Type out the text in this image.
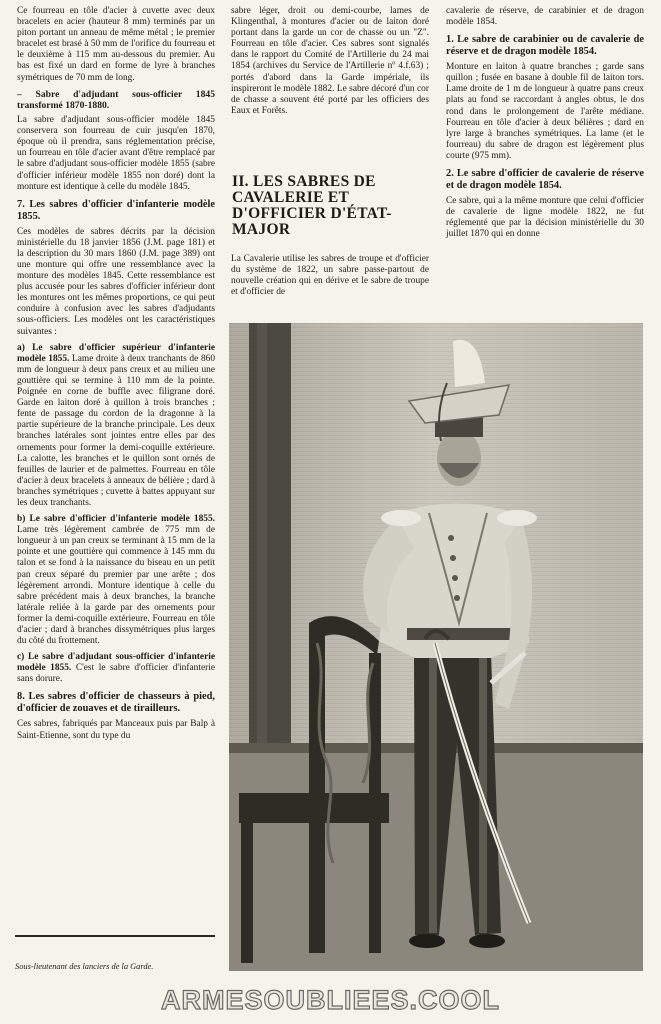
Ce fourreau en tôle d'acier à cuvette avec deux bracelets en acier (hauteur 8 mm) terminés par un piton portant un anneau de même métal ; le premier bracelet est brasé à 50 mm de l'orifice du fourreau et le deuxième à 115 mm au-dessous du premier. Au bas est fixé un dard en forme de lyre à branches symétriques de 70 mm de long.

– Sabre d'adjudant sous-officier 1845 transformé 1870-1880.

La sabre d'adjudant sous-officier modèle 1845 conservera son fourreau de cuir jusqu'en 1870, époque où il prendra, sans réglementation précise, un fourreau en tôle d'acier avant d'être remplacé par le sabre d'adjudant sous-officier modèle 1855 (sabre d'officier inférieur modèle 1855 non doré) dont la monture est identique à celle du modèle 1845.

7. Les sabres d'officier d'infanterie modèle 1855.

Ces modèles de sabres décrits par la décision ministérielle du 18 janvier 1856 (J.M. page 181) et la description du 30 mars 1860 (J.M. page 389) ont une monture qui offre une ressemblance avec la monture des modèles 1845. Cette ressemblance est plus accusée pour les sabres d'officier inférieur dont les montures ont les mêmes proportions, ce qui peut conduire à confusion avec les sabres d'adjudants sous-officiers. Les modèles ont les caractéristiques suivantes :

a) Le sabre d'officier supérieur d'infanterie modèle 1855. Lame droite à deux tranchants de 860 mm de longueur à deux pans creux et au milieu une gouttière qui se termine à 110 mm de la pointe. Poignée en corne de buffle avec filigrane doré. Garde en laiton doré à quillon à trois branches ; fente de passage du cordon de la dragonne à la partie supérieure de la branche principale. Les deux branches latérales sont jointes entre elles par des ornements pour former la demi-coquille extérieure. La calotte, les branches et le quillon sont ornés de feuilles de laurier et de palmettes. Fourreau en tôle d'acier à deux bracelets à anneaux de bélière ; dard à branches symétriques ; cuvette à battes appuyant sur les deux tranchants.

b) Le sabre d'officier d'infanterie modèle 1855. Lame très légèrement cambrée de 775 mm de longueur à un pan creux se terminant à 15 mm de la pointe et une gouttière qui commence à 145 mm du talon et se fond à la naissance du biseau en un petit pan creux séparé du premier par une arête ; dos légèrement arrondi. Monture identique à celle du sabre précédent mais à deux branches, la branche latérale reliée à la garde par des ornements pour former la demi-coquille extérieure. Fourreau en tôle d'acier ; dard à branches dissymétriques plus larges du côté du frottement.

c) Le sabre d'adjudant sous-officier d'infanterie modèle 1855. C'est le sabre d'officier d'infanterie sans dorure.

8. Les sabres d'officier de chasseurs à pied, d'officier de zouaves et de tirailleurs.

Ces sabres, fabriqués par Manceaux puis par Balp à Saint-Etienne, sont du type du

sabre léger, droit ou demi-courbe, lames de Klingenthal, à montures d'acier ou de laiton doré portant dans la garde un cor de chasse ou un "Z". Fourreau en tôle d'acier. Ces sabres sont signalés dans le rapport du Comité de l'Artillerie du 24 mai 1854 (archives du Service de l'Artillerie nº 4.f.63) ; portés d'abord dans la Garde impériale, ils inspireront le modèle 1882. Le sabre décoré d'un cor de chasse a souvent été porté par les officiers des Eaux et Forêts.

II. LES SABRES DE CAVALERIE ET D'OFFICIER D'ÉTAT-MAJOR

La Cavalerie utilise les sabres de troupe et d'officier du système de 1822, un sabre passe-partout de nouvelle création qui en dérive et le sabre de troupe et d'officier de

cavalerie de réserve, de carabinier et de dragon modèle 1854.

1. Le sabre de carabinier ou de cavalerie de réserve et de dragon modèle 1854.

Monture en laiton à quatre branches ; garde sans quillon ; fusée en basane à double fil de laiton tors. Lame droite de 1 m de longueur à quatre pans creux plats au fond se raccordant à angles obtus, le dos rond dans le prolongement de l'arête médiane. Fourreau en tôle d'acier à deux bélières ; dard en lyre large à branches symétriques. La lame (et le fourreau) du sabre de dragon est légèrement plus courte (975 mm).

2. Le sabre d'officier de cavalerie de réserve et de dragon modèle 1854.

Ce sabre, qui a la même monture que celui d'officier de cavalerie de ligne modèle 1822, ne fut réglementé que par la décision ministérielle du 30 juillet 1870 qui en donne

Sous-lieutenant des lanciers de la Garde.
ARMESOUBLIEES.COOL
